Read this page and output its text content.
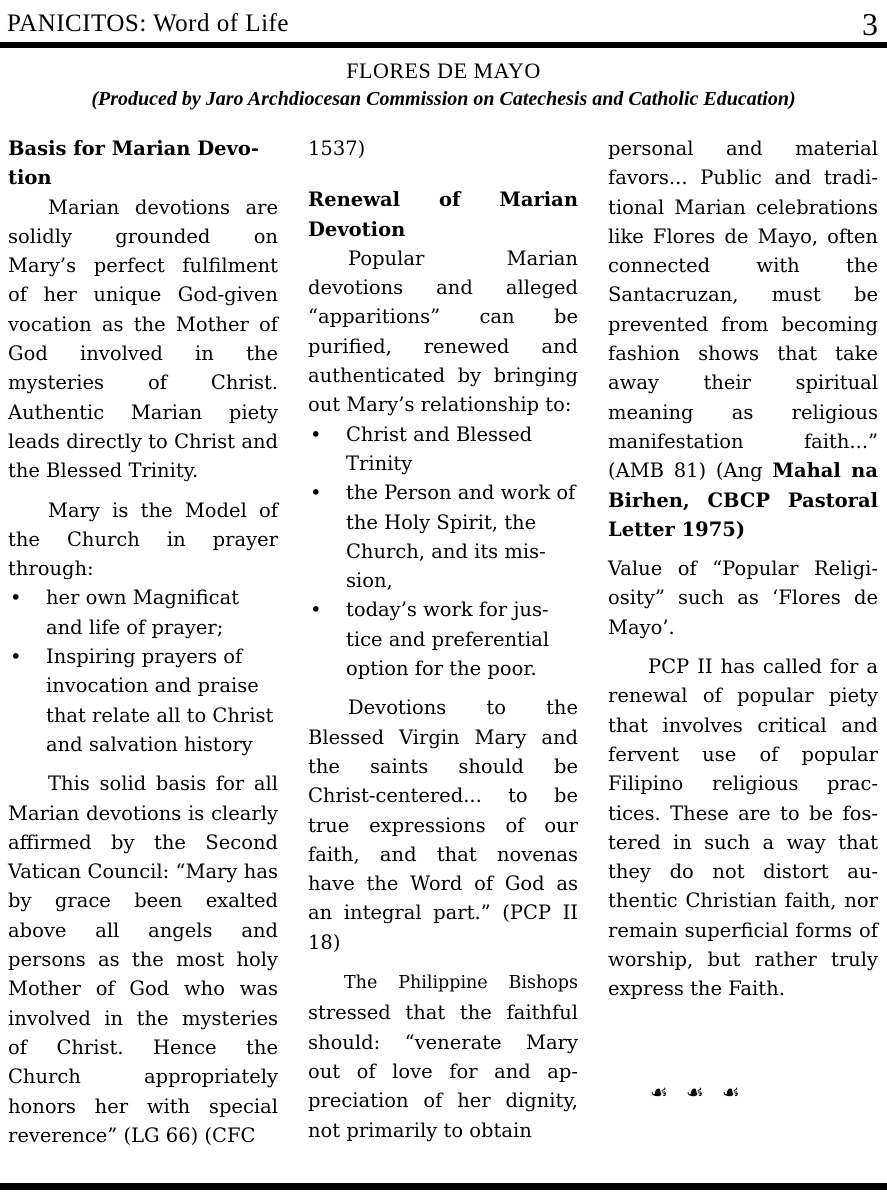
PANICITOS: Word of Life	3
FLORES DE MAYO
(Produced by Jaro Archdiocesan Commission on Catechesis and Catholic Education)

Basis for Marian Devotion

Marian devotions are solidly grounded on Mary’s perfect fulfilment of her unique God-given vocation as the Mother of God involved in the mysteries of Christ. Authentic Marian piety leads directly to Christ and the Blessed Trinity.

Mary is the Model of the Church in prayer through:

• her own Magnificat and life of prayer;
• Inspiring prayers of invocation and praise that relate all to Christ and salvation history

This solid basis for all Marian devotions is clearly affirmed by the Second Vatican Council: “Mary has by grace been exalted above all angels and persons as the most holy Mother of God who was involved in the mysteries of Christ. Hence the Church appropriately honors her with special reverence” (LG 66) (CFC

1537)

Renewal of Marian Devotion

Popular Marian devotions and alleged “apparitions” can be purified, renewed and authenticated by bringing out Mary’s relationship to:

• Christ and Blessed Trinity
• the Person and work of the Holy Spirit, the Church, and its mission,
• today’s work for justice and preferential option for the poor.

Devotions to the Blessed Virgin Mary and the saints should be Christ-centered... to be true expressions of our faith, and that novenas have the Word of God as an integral part.” (PCP II 18)

The Philippine Bishops stressed that the faithful should: “venerate Mary out of love for and appreciation of her dignity, not primarily to obtain

personal and material favors... Public and traditional Marian celebrations like Flores de Mayo, often connected with the Santacruzan, must be prevented from becoming fashion shows that take away their spiritual meaning as religious manifestation faith...” (AMB 81) (Ang Mahal na Birhen, CBCP Pastoral Letter 1975)

Value of “Popular Religiosity” such as ‘Flores de Mayo’.

PCP II has called for a renewal of popular piety that involves critical and fervent use of popular Filipino religious practices. These are to be fostered in such a way that they do not distort authentic Christian faith, nor remain superficial forms of worship, but rather truly express the Faith.

☙☙☙
